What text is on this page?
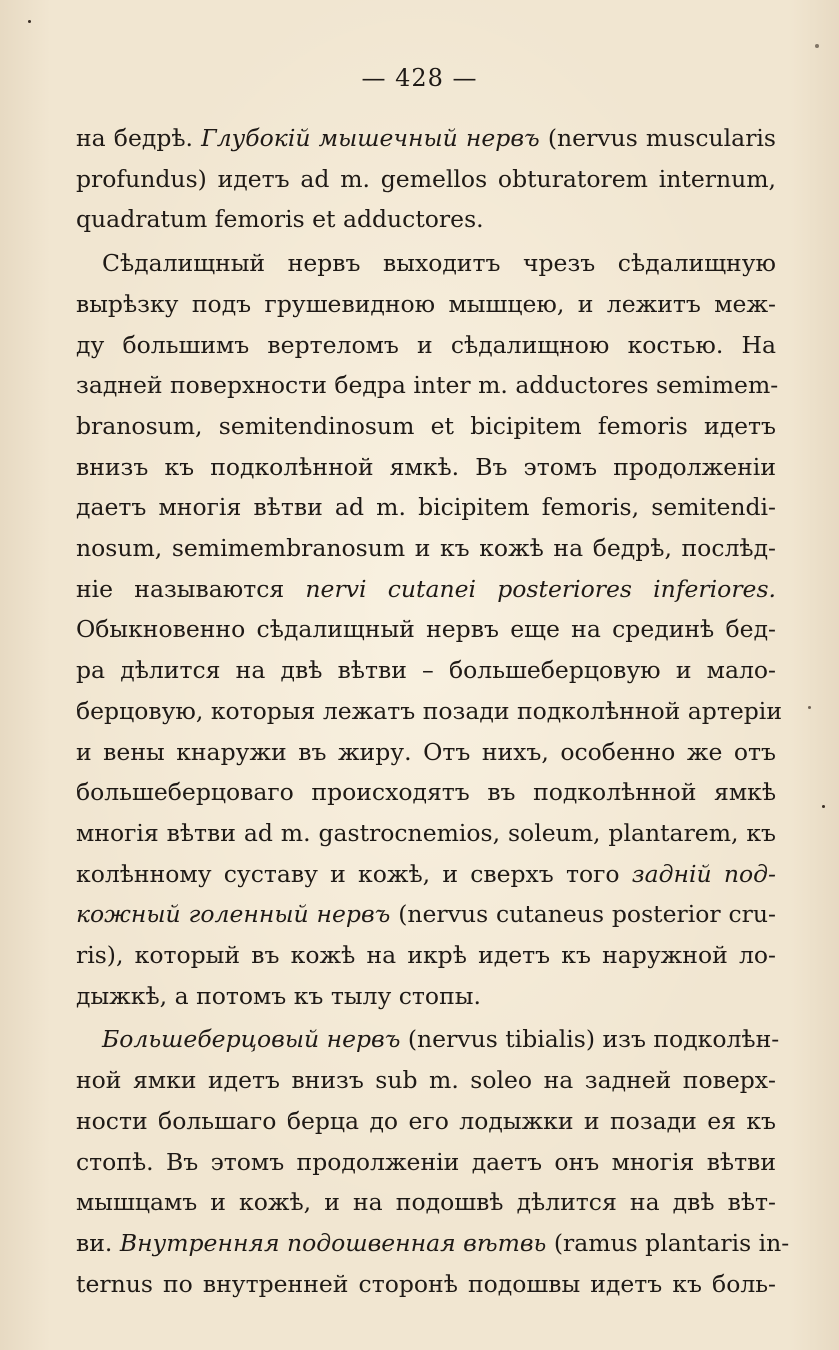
— 428 —
на бедрѣ. Глубокій мышечный нервъ (nervus muscularis
profundus) идетъ ad m. gemellos obturatorem internum,
quadratum femoris et adductores.
Сѣдалищный нервъ выходитъ чрезъ сѣдалищную
вырѣзку подъ грушевидною мышцею, и лежитъ меж-
ду большимъ вертеломъ и сѣдалищною костью. На
задней поверхности бедра inter m. adductores semimem-
branosum, semitendinosum et bicipitem femoris идетъ
внизъ къ подколѣнной ямкѣ. Въ этомъ продолженіи
даетъ многія вѣтви ad m. bicipitem femoris, semitendi-
nosum, semimembranosum и къ кожѣ на бедрѣ, послѣд-
ніе называются nervi cutanei posteriores inferiores.
Обыкновенно сѣдалищный нервъ еще на срединѣ бед-
ра дѣлится на двѣ вѣтви – большеберцовую и мало-
берцовую, которыя лежатъ позади подколѣнной артеріи
и вены кнаружи въ жиру. Отъ нихъ, особенно же отъ
большеберцоваго происходятъ въ подколѣнной ямкѣ
многія вѣтви ad m. gastrocnemios, soleum, plantarem, къ
колѣнному суставу и кожѣ, и сверхъ того задній под-
кожный голенный нервъ (nervus cutaneus posterior cru-
ris), который въ кожѣ на икрѣ идетъ къ наружной ло-
дыжкѣ, а потомъ къ тылу стопы.
Большеберцовый нервъ (nervus tibialis) изъ подколѣн-
ной ямки идетъ внизъ sub m. soleo на задней поверх-
ности большаго берца до его лодыжки и позади ея къ
стопѣ. Въ этомъ продолженіи даетъ онъ многія вѣтви
мышцамъ и кожѣ, и на подошвѣ дѣлится на двѣ вѣт-
ви. Внутренняя подошвенная вѣтвь (ramus plantaris in-
ternus по внутренней сторонѣ подошвы идетъ къ боль-
